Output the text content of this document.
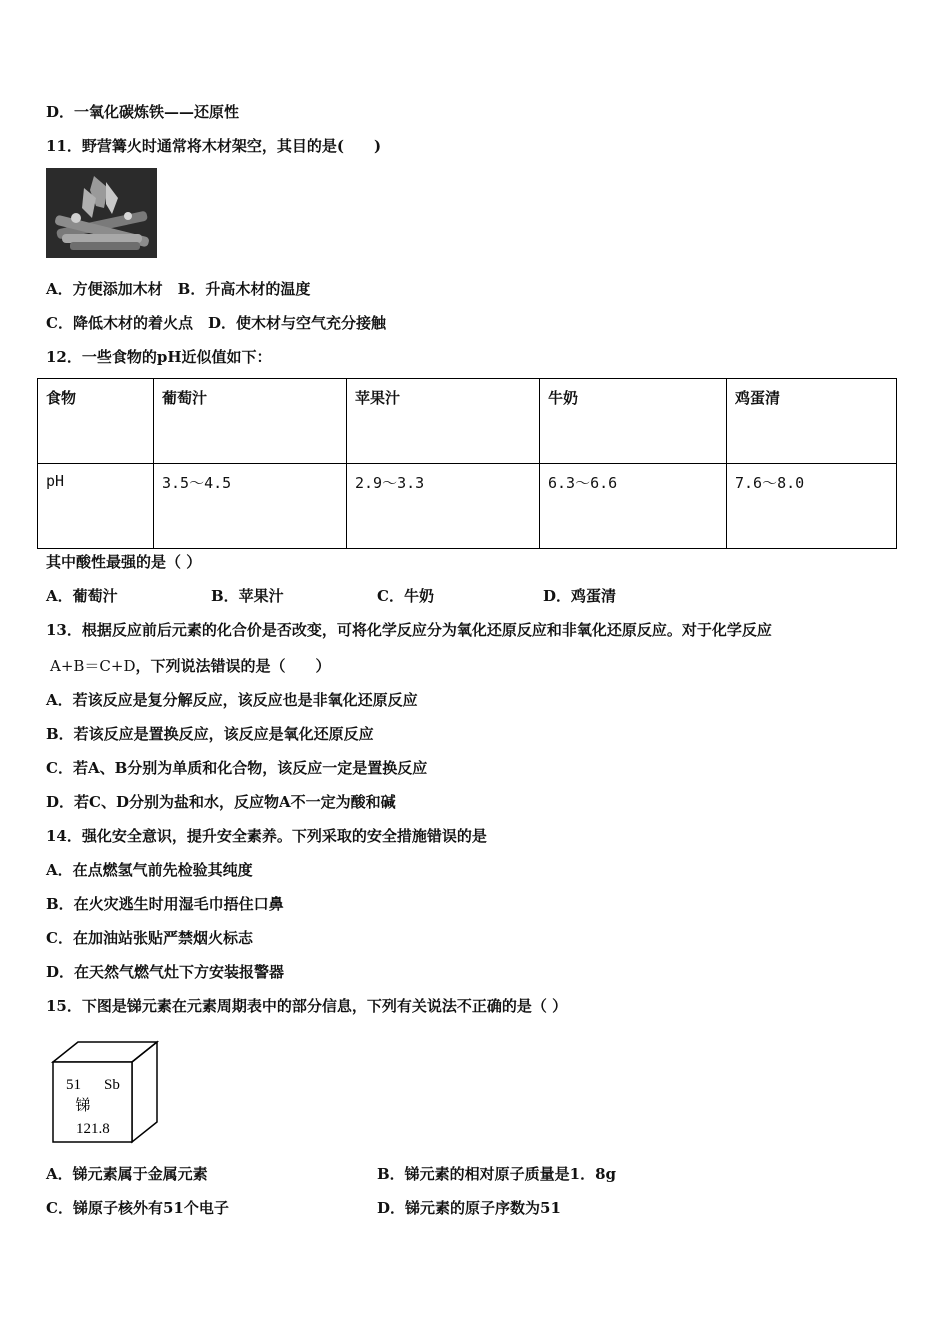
D．一氧化碳炼铁——还原性
11．野营篝火时通常将木材架空，其目的是(　　)
A．方便添加木材　B．升高木材的温度
C．降低木材的着火点　D．使木材与空气充分接触
12．一些食物的pH近似值如下：
食物	葡萄汁	苹果汁	牛奶	鸡蛋清
pH	3.5～4.5	2.9～3.3	6.3～6.6	7.6～8.0
其中酸性最强的是（ ）
A．葡萄汁	B．苹果汁	C．牛奶	D．鸡蛋清
13．根据反应前后元素的化合价是否改变，可将化学反应分为氧化还原反应和非氧化还原反应。对于化学反应
A+B＝C+D，下列说法错误的是（　　）
A．若该反应是复分解反应，该反应也是非氧化还原反应
B．若该反应是置换反应，该反应是氧化还原反应
C．若A、B分别为单质和化合物，该反应一定是置换反应
D．若C、D分别为盐和水，反应物A不一定为酸和碱
14．强化安全意识，提升安全素养。下列采取的安全措施错误的是
A．在点燃氢气前先检验其纯度
B．在火灾逃生时用湿毛巾捂住口鼻
C．在加油站张贴严禁烟火标志
D．在天然气燃气灶下方安装报警器
15．下图是锑元素在元素周期表中的部分信息，下列有关说法不正确的是（ ）
51 Sb
锑
121.8
A．锑元素属于金属元素	B．锑元素的相对原子质量是1．8g
C．锑原子核外有51个电子	D．锑元素的原子序数为51
